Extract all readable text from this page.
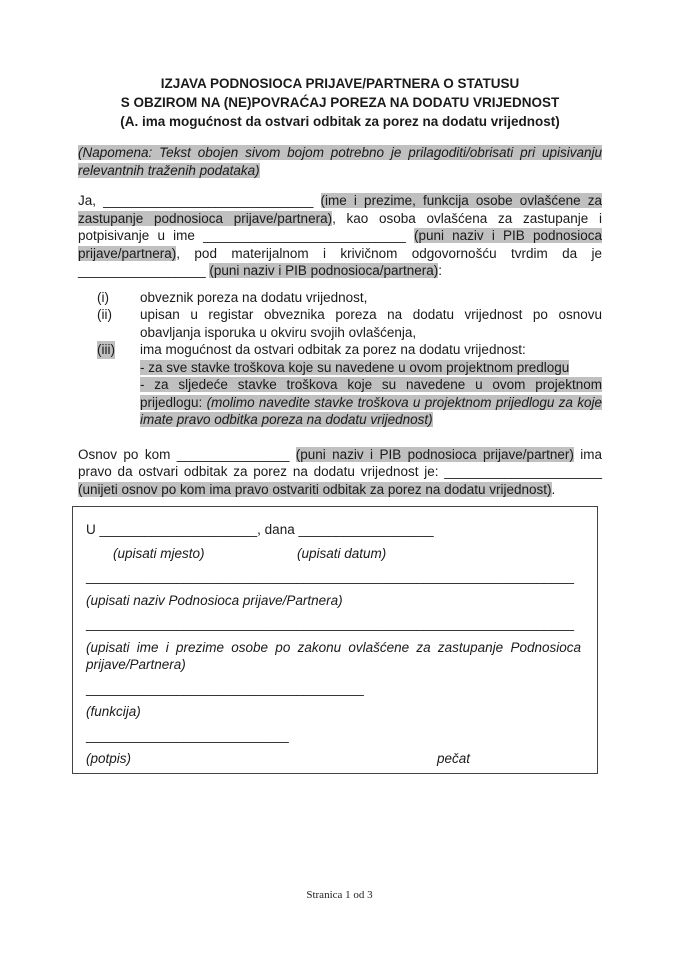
IZJAVA PODNOSIOCA PRIJAVE/PARTNERA O STATUSU
S OBZIROM NA (NE)POVRAĆAJ POREZA NA DODATU VRIJEDNOST
(A. ima mogućnost da ostvari odbitak za porez na dodatu vrijednost)

(Napomena: Tekst obojen sivom bojom potrebno je prilagoditi/obrisati pri upisivanju relevantnih traženih podataka)

Ja, ____________________________ (ime i prezime, funkcija osobe ovlašćene za zastupanje podnosioca prijave/partnera), kao osoba ovlašćena za zastupanje i potpisivanje u ime ___________________________ (puni naziv i PIB podnosioca prijave/partnera), pod materijalnom i krivičnom odgovornošću tvrdim da je _________________ (puni naziv i PIB podnosioca/partnera):

(i) obveznik poreza na dodatu vrijednost,
(ii) upisan u registar obveznika poreza na dodatu vrijednost po osnovu obavljanja isporuka u okviru svojih ovlašćenja,
(iii) ima mogućnost da ostvari odbitak za porez na dodatu vrijednost:
- za sve stavke troškova koje su navedene u ovom projektnom predlogu
- za sljedeće stavke troškova koje su navedene u ovom projektnom prijedlogu: (molimo navedite stavke troškova u projektnom prijedlogu za koje imate pravo odbitka poreza na dodatu vrijednost)

Osnov po kom _______________ (puni naziv i PIB podnosioca prijave/partner) ima pravo da ostvari odbitak za porez na dodatu vrijednost je: _____________________ (unijeti osnov po kom ima pravo ostvariti odbitak za porez na dodatu vrijednost).

U _____________________, dana __________________
(upisati mjesto)	(upisati datum)
_________________________________________________________________
(upisati naziv Podnosioca prijave/Partnera)
_________________________________________________________________
(upisati ime i prezime osobe po zakonu ovlašćene za zastupanje Podnosioca prijave/Partnera)
_____________________________________
(funkcija)
___________________________
(potpis)	pečat
Stranica 1 od 3
